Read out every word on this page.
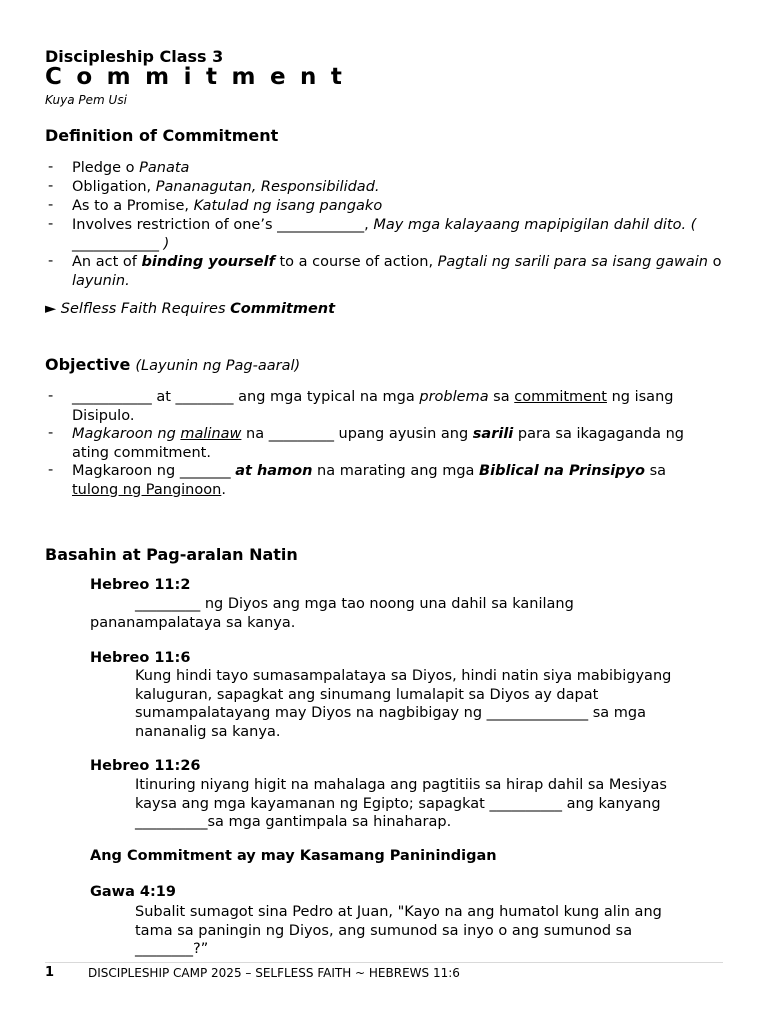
Discipleship Class 3
Commitment
Kuya Pem Usi
Definition of Commitment
- Pledge o Panata
- Obligation, Pananagutan, Responsibilidad.
- As to a Promise, Katulad ng isang pangako
- Involves restriction of one’s ____________, May mga kalayaang mapipigilan dahil dito. (
____________ )
- An act of binding yourself to a course of action, Pagtali ng sarili para sa isang gawain o layunin.
► Selfless Faith Requires Commitment
Objective (Layunin ng Pag-aaral)
- ___________ at ________ ang mga typical na mga problema sa commitment ng isang
Disipulo.
- Magkaroon ng malinaw na _________ upang ayusin ang sarili para sa ikagaganda ng
ating commitment.
- Magkaroon ng _______ at hamon na marating ang mga Biblical na Prinsipyo sa
tulong ng Panginoon.
Basahin at Pag-aralan Natin
Hebreo 11:2
_________ ng Diyos ang mga tao noong una dahil sa kanilang
pananampalataya sa kanya.
Hebreo 11:6
Kung hindi tayo sumasampalataya sa Diyos, hindi natin siya mabibigyang
kaluguran, sapagkat ang sinumang lumalapit sa Diyos ay dapat
sumampalatayang may Diyos na nagbibigay ng ______________ sa mga
nananalig sa kanya.
Hebreo 11:26
Itinuring niyang higit na mahalaga ang pagtitiis sa hirap dahil sa Mesiyas
kaysa ang mga kayamanan ng Egipto; sapagkat __________ ang kanyang
__________sa mga gantimpala sa hinaharap.
Ang Commitment ay may Kasamang Paninindigan
Gawa 4:19
Subalit sumagot sina Pedro at Juan, "Kayo na ang humatol kung alin ang
tama sa paningin ng Diyos, ang sumunod sa inyo o ang sumunod sa
________?”
1	DISCIPLESHIP CAMP 2025 – SELFLESS FAITH ~ HEBREWS 11:6
